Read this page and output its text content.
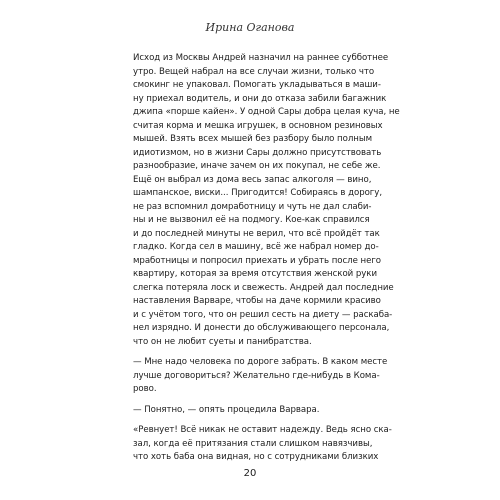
Ирина Оганова
Исход из Москвы Андрей назначил на раннее субботнее
утро. Вещей набрал на все случаи жизни, только что
смокинг не упаковал. Помогать укладываться в маши-
ну приехал водитель, и они до отказа забили багажник
джипа «порше кайен». У одной Сары добра целая куча, не
считая корма и мешка игрушек, в основном резиновых
мышей. Взять всех мышей без разбору было полным
идиотизмом, но в жизни Сары должно присутствовать
разнообразие, иначе зачем он их покупал, не себе же.
Ещё он выбрал из дома весь запас алкоголя — вино,
шампанское, виски... Пригодится! Собираясь в дорогу,
не раз вспомнил домработницу и чуть не дал слаби-
ны и не вызвонил её на подмогу. Кое-как справился
и до последней минуты не верил, что всё пройдёт так
гладко. Когда сел в машину, всё же набрал номер до-
мработницы и попросил приехать и убрать после него
квартиру, которая за время отсутствия женской руки
слегка потеряла лоск и свежесть. Андрей дал последние
наставления Варваре, чтобы на даче кормили красиво
и с учётом того, что он решил сесть на диету — раскаба-
нел изрядно. И донести до обслуживающего персонала,
что он не любит суеты и панибратства.
— Мне надо человека по дороге забрать. В каком месте
лучше договориться? Желательно где-нибудь в Кома-
рово.
— Понятно, — опять процедила Варвара.
«Ревнует! Всё никак не оставит надежду. Ведь ясно ска-
зал, когда её притязания стали слишком навязчивы,
что хоть баба она видная, но с сотрудниками близких
20
